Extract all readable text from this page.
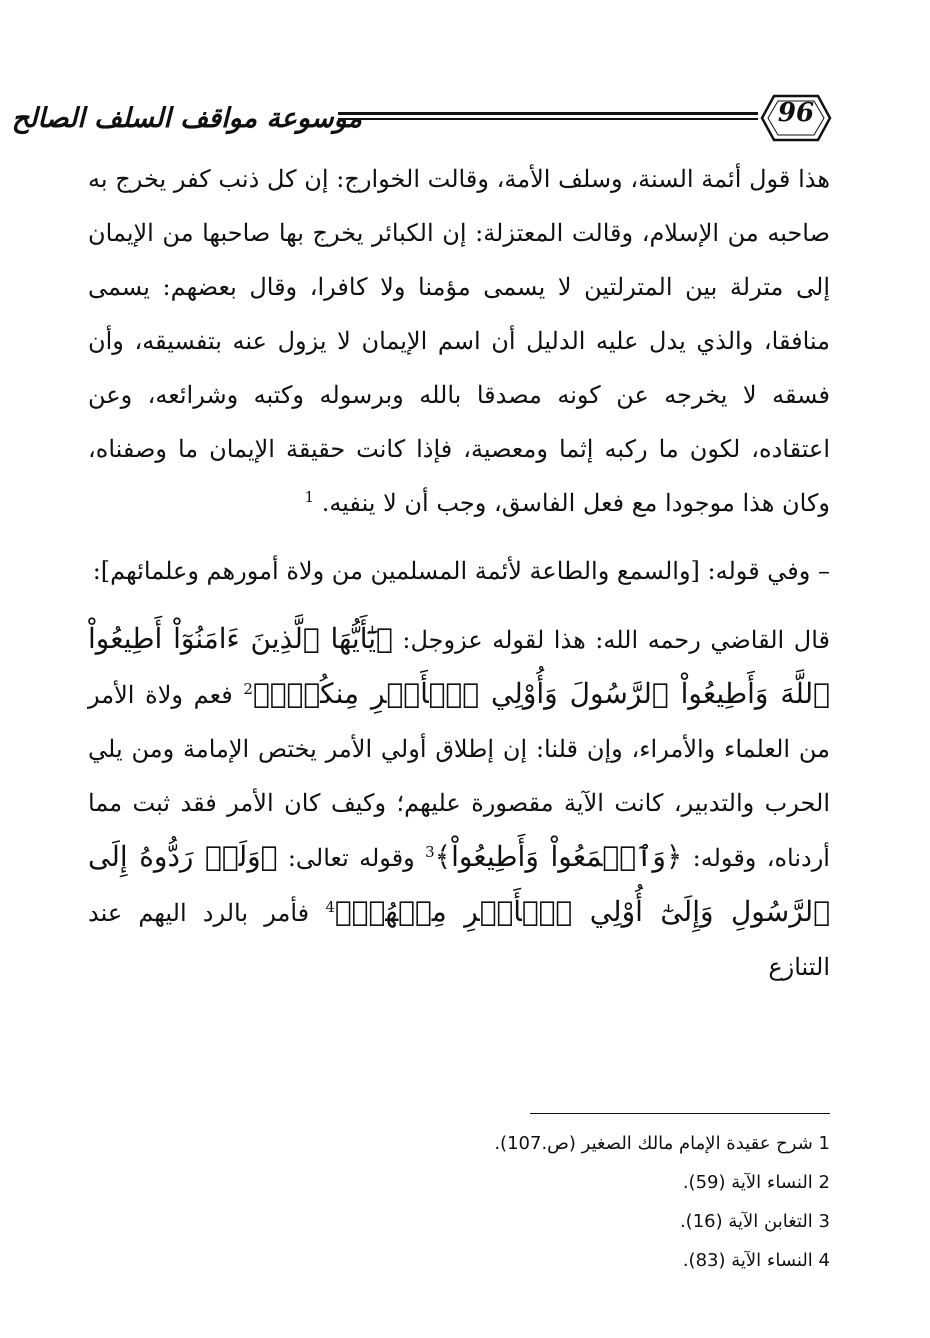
موسوعة مواقف السلف الصالح	96

هذا قول أئمة السنة، وسلف الأمة، وقالت الخوارج: إن كل ذنب كفر يخرج به صاحبه من الإسلام، وقالت المعتزلة: إن الكبائر يخرج بها صاحبها من الإيمان إلى مترلة بين المترلتين لا يسمى مؤمنا ولا كافرا، وقال بعضهم: يسمى منافقا، والذي يدل عليه الدليل أن اسم الإيمان لا يزول عنه بتفسيقه، وأن فسقه لا يخرجه عن كونه مصدقا بالله وبرسوله وكتبه وشرائعه، وعن اعتقاده، لكون ما ركبه إثما ومعصية، فإذا كانت حقيقة الإيمان ما وصفناه، وكان هذا موجودا مع فعل الفاسق، وجب أن لا ينفيه. $^1$

– وفي قوله: [والسمع والطاعة لأئمة المسلمين من ولاة أمورهم وعلمائهم]:

قال القاضي رحمه الله: هذا لقوله عزوجل: ﴿يَٰٓأَيُّهَا ٱلَّذِينَ ءَامَنُوٓاْ أَطِيعُواْ ٱللَّهَ وَأَطِيعُواْ ٱلرَّسُولَ وَأُوْلِي ٱلۡأَمۡرِ مِنكُمۡۖ﴾$^2$ فعم ولاة الأمر من العلماء والأمراء، وإن قلنا: إن إطلاق أولي الأمر يختص الإمامة ومن يلي الحرب والتدبير، كانت الآية مقصورة عليهم؛ وكيف كان الأمر فقد ثبت مما أردناه، وقوله: ﴿وَٱسۡمَعُواْ وَأَطِيعُواْ﴾$^3$ وقوله تعالى: ﴿وَلَوۡ رَدُّوهُ إِلَى ٱلرَّسُولِ وَإِلَىٰٓ أُوْلِي ٱلۡأَمۡرِ مِنۡهُمۡ﴾$^4$ فأمر بالرد اليهم عند التنازع

1 شرح عقيدة الإمام مالك الصغير (ص.107).
2 النساء الآية (59).
3 التغابن الآية (16).
4 النساء الآية (83).
